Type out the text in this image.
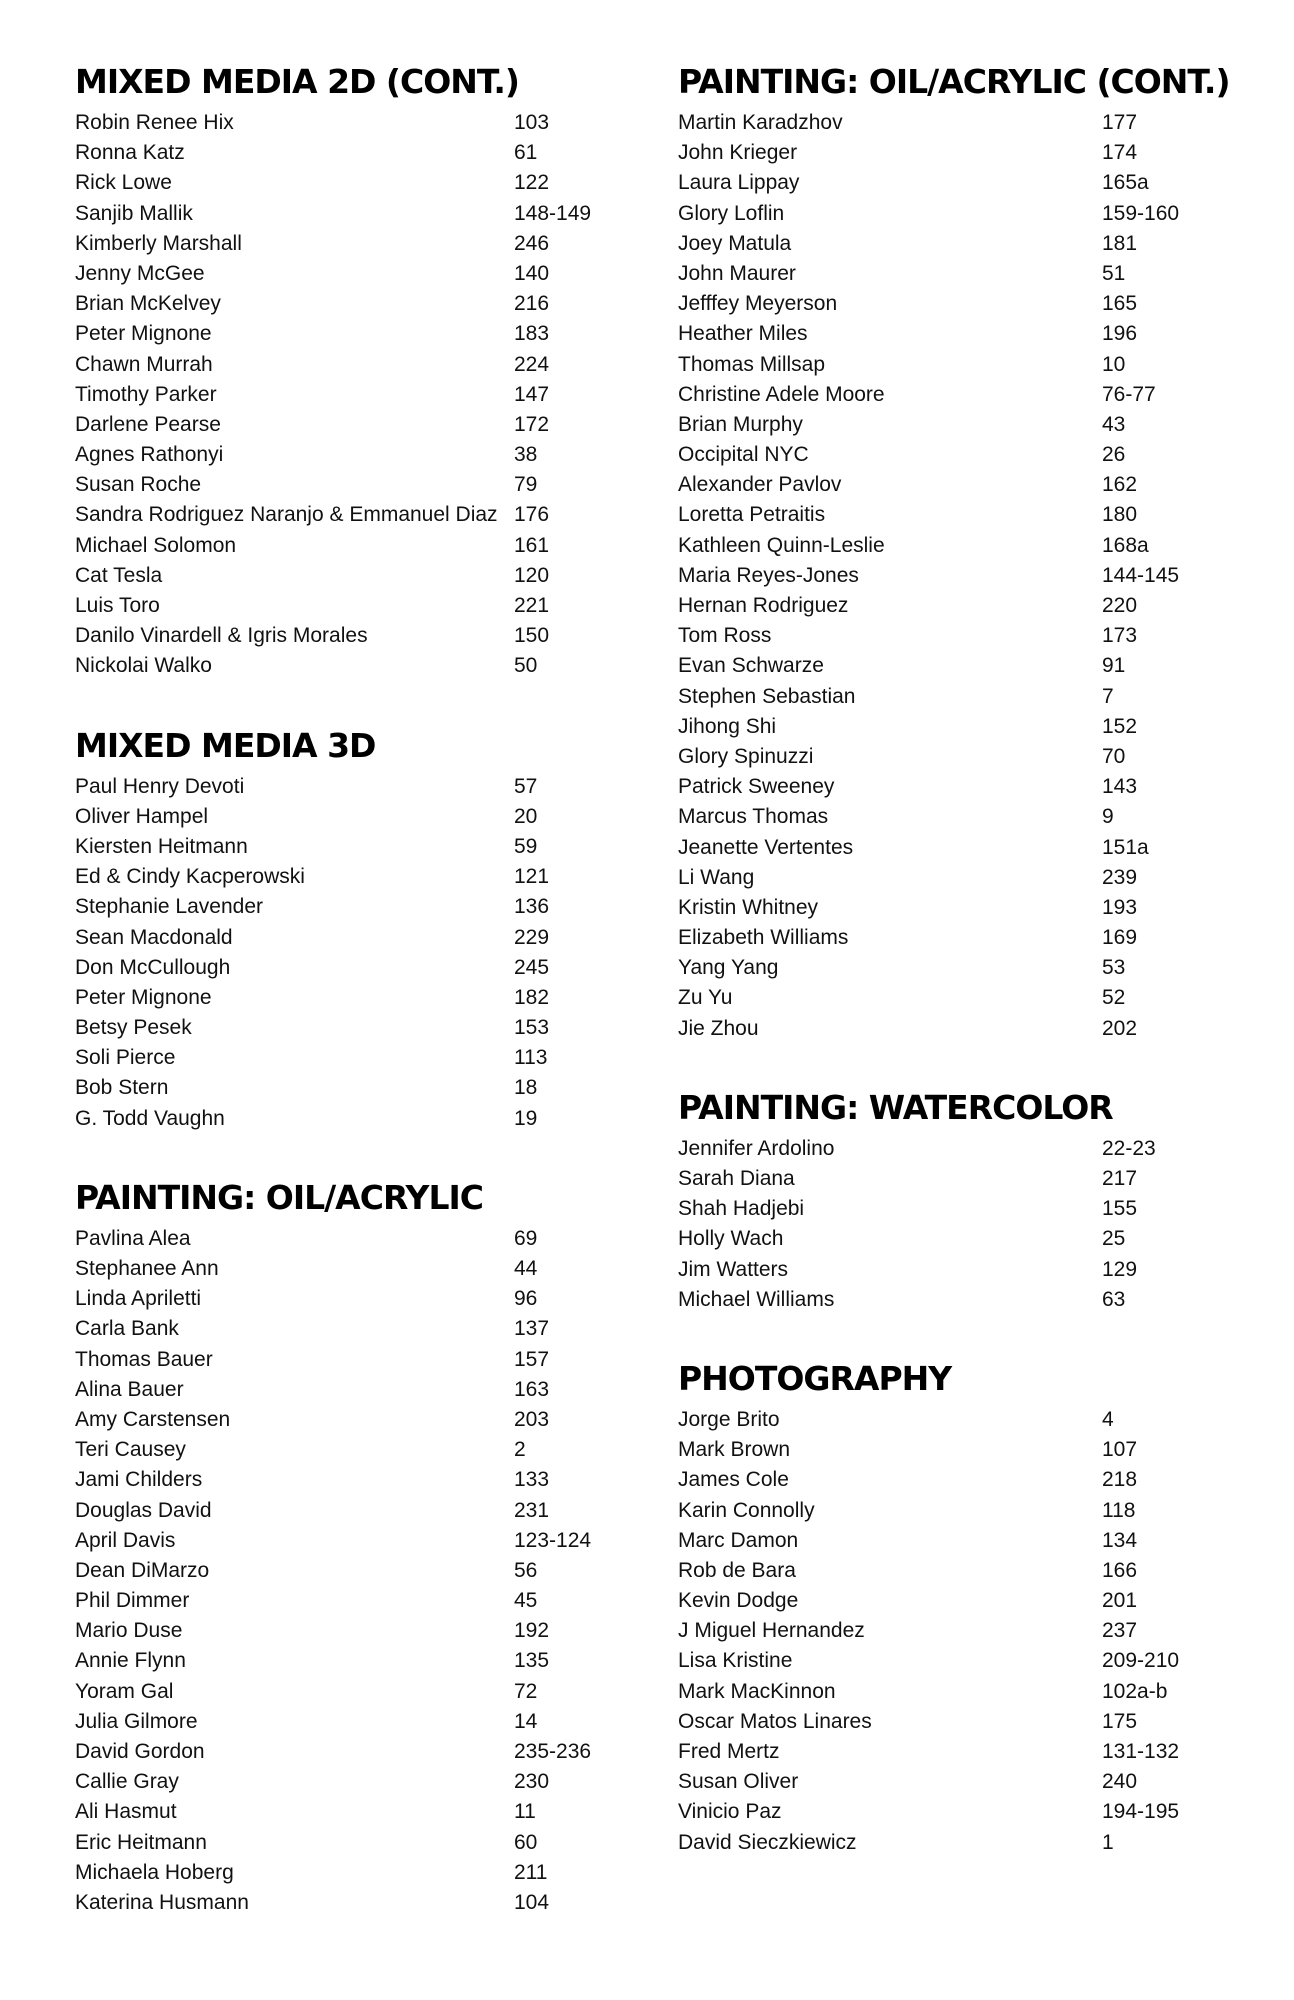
MIXED MEDIA 2D (CONT.)
Robin Renee Hix	103
Ronna Katz	61
Rick Lowe	122
Sanjib Mallik	148-149
Kimberly Marshall	246
Jenny McGee	140
Brian McKelvey	216
Peter Mignone	183
Chawn Murrah	224
Timothy Parker	147
Darlene Pearse	172
Agnes Rathonyi	38
Susan Roche	79
Sandra Rodriguez Naranjo & Emmanuel Diaz 176
Michael Solomon	161
Cat Tesla	120
Luis Toro	221
Danilo Vinardell & Igris Morales	150
Nickolai Walko	50
MIXED MEDIA 3D
Paul Henry Devoti	57
Oliver Hampel	20
Kiersten Heitmann	59
Ed & Cindy Kacperowski	121
Stephanie Lavender	136
Sean Macdonald	229
Don McCullough	245
Peter Mignone	182
Betsy Pesek	153
Soli Pierce	113
Bob Stern	18
G. Todd Vaughn	19
PAINTING: OIL/ACRYLIC
Pavlina Alea	69
Stephanee Ann	44
Linda Apriletti	96
Carla Bank	137
Thomas Bauer	157
Alina Bauer	163
Amy Carstensen	203
Teri Causey	2
Jami Childers	133
Douglas David	231
April Davis	123-124
Dean DiMarzo	56
Phil Dimmer	45
Mario Duse	192
Annie Flynn	135
Yoram Gal	72
Julia Gilmore	14
David Gordon	235-236
Callie Gray	230
Ali Hasmut	11
Eric Heitmann	60
Michaela Hoberg	211
Katerina Husmann	104
PAINTING: OIL/ACRYLIC (CONT.)
Martin Karadzhov	177
John Krieger	174
Laura Lippay	165a
Glory Loflin	159-160
Joey Matula	181
John Maurer	51
Jefffey Meyerson	165
Heather Miles	196
Thomas Millsap	10
Christine Adele Moore	76-77
Brian Murphy	43
Occipital NYC	26
Alexander Pavlov	162
Loretta Petraitis	180
Kathleen Quinn-Leslie	168a
Maria Reyes-Jones	144-145
Hernan Rodriguez	220
Tom Ross	173
Evan Schwarze	91
Stephen Sebastian	7
Jihong Shi	152
Glory Spinuzzi	70
Patrick Sweeney	143
Marcus Thomas	9
Jeanette Vertentes	151a
Li Wang	239
Kristin Whitney	193
Elizabeth Williams	169
Yang Yang	53
Zu Yu	52
Jie Zhou	202
PAINTING: WATERCOLOR
Jennifer Ardolino	22-23
Sarah Diana	217
Shah Hadjebi	155
Holly Wach	25
Jim Watters	129
Michael Williams	63
PHOTOGRAPHY
Jorge Brito	4
Mark Brown	107
James Cole	218
Karin Connolly	118
Marc Damon	134
Rob de Bara	166
Kevin Dodge	201
J Miguel Hernandez	237
Lisa Kristine	209-210
Mark MacKinnon	102a-b
Oscar Matos Linares	175
Fred Mertz	131-132
Susan Oliver	240
Vinicio Paz	194-195
David Sieczkiewicz	1
